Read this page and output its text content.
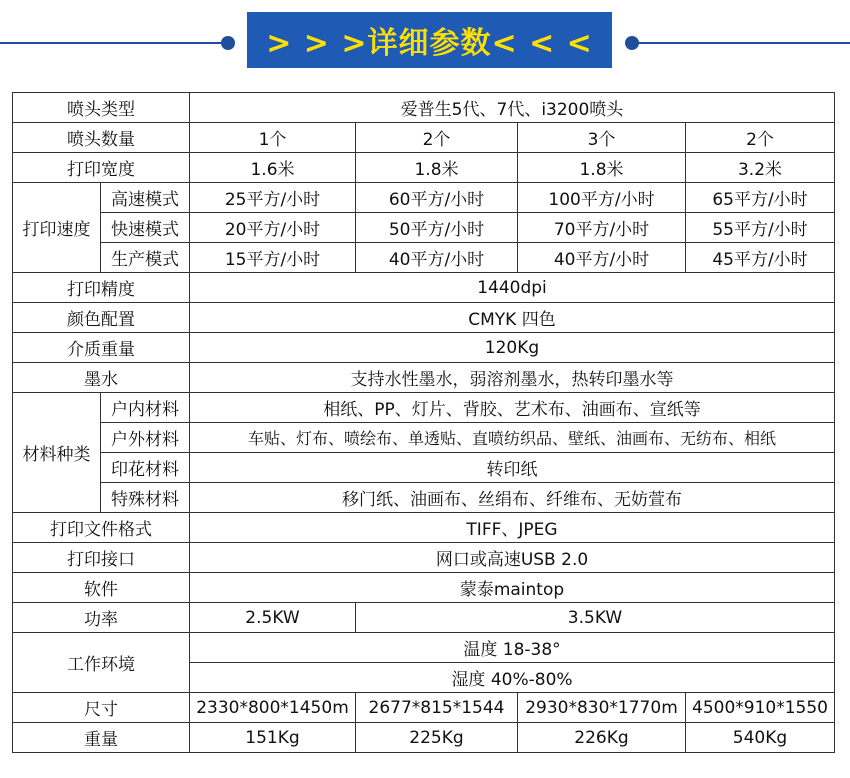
> > >详细参数< < <
喷头类型		爱普生5代、7代、i3200喷头			
喷头数量		1个	2个	3个	2个
打印宽度		1.6米	1.8米	1.8米	3.2米
打印速度	高速模式	25平方/小时	60平方/小时	100平方/小时	65平方/小时
	快速模式	20平方/小时	50平方/小时	70平方/小时	55平方/小时
	生产模式	15平方/小时	40平方/小时	40平方/小时	45平方/小时
打印精度		1440dpi			
颜色配置		CMYK 四色			
介质重量		120Kg			
墨水		支持水性墨水，弱溶剂墨水，热转印墨水等			
材料种类	户内材料	相纸、PP、灯片、背胶、艺术布、油画布、宣纸等			
	户外材料	车贴、灯布、喷绘布、单透贴、直喷纺织品、壁纸、油画布、无纺布、相纸			
	印花材料	转印纸			
	特殊材料	移门纸、油画布、丝绢布、纤维布、无妨萱布			
打印文件格式		TIFF、JPEG			
打印接口		网口或高速USB 2.0			
软件		蒙泰maintop			
功率		2.5KW	3.5KW		
工作环境		温度 18-38°			
		湿度 40%-80%			
尺寸		2330*800*1450m	2677*815*1544	2930*830*1770m	4500*910*1550
重量		151Kg	225Kg	226Kg	540Kg
